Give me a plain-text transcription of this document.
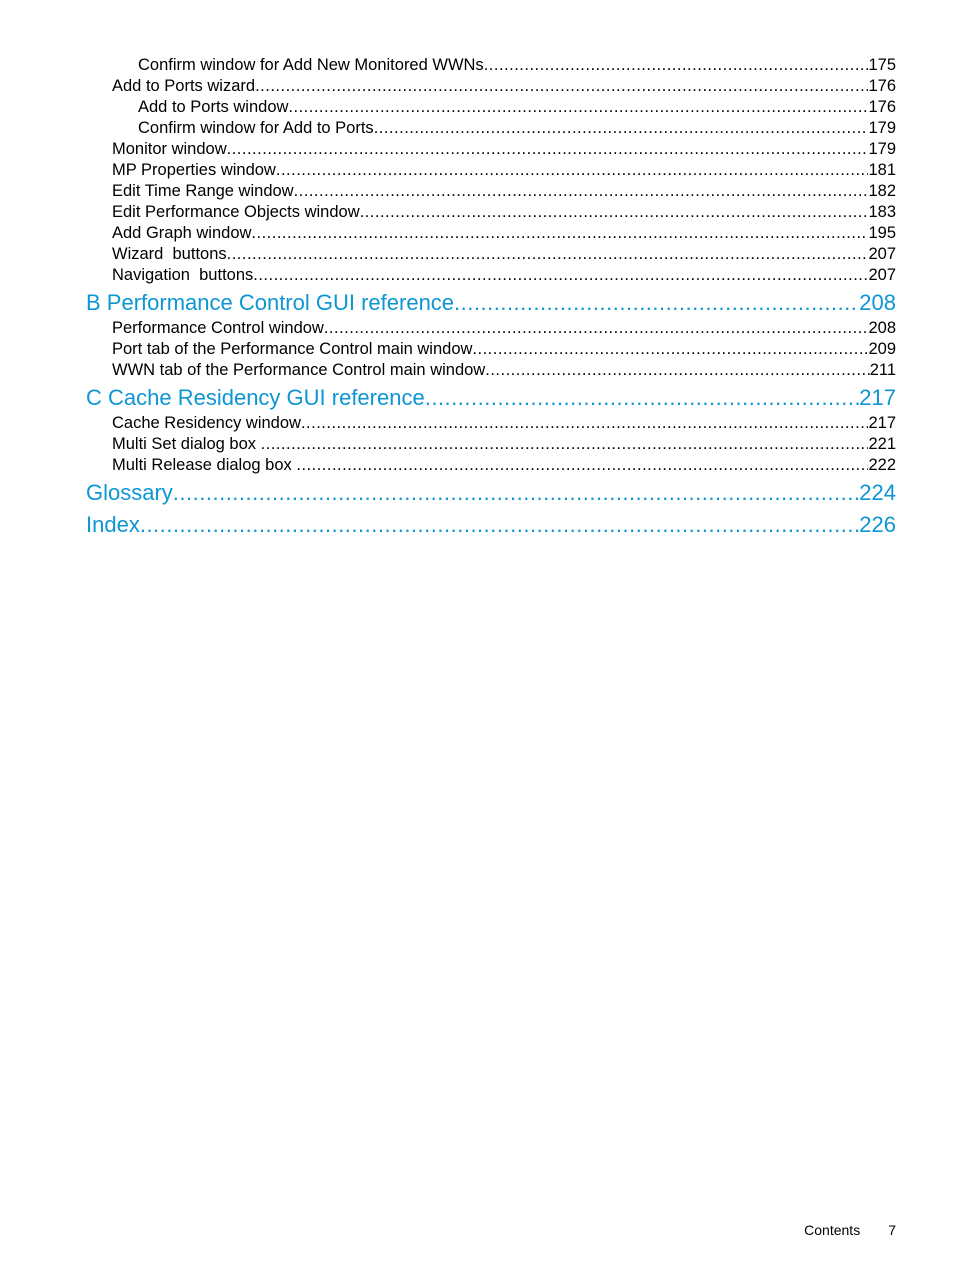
Confirm window for Add New Monitored WWNs .....	175
Add to Ports wizard .....	176
Add to Ports window .....	176
Confirm window for Add to Ports .....	179
Monitor window .....	179
MP Properties window .....	181
Edit Time Range window .....	182
Edit Performance Objects window .....	183
Add Graph window .....	195
Wizard  buttons .....	207
Navigation  buttons .....	207
B Performance Control GUI reference .....	208
Performance Control window .....	208
Port tab of the Performance Control main window .....	209
WWN tab of the Performance Control main window .....	211
C Cache Residency GUI reference .....	217
Cache Residency window .....	217
Multi Set dialog box .....	221
Multi Release dialog box .....	222
Glossary .....	224
Index .....	226
Contents 7
